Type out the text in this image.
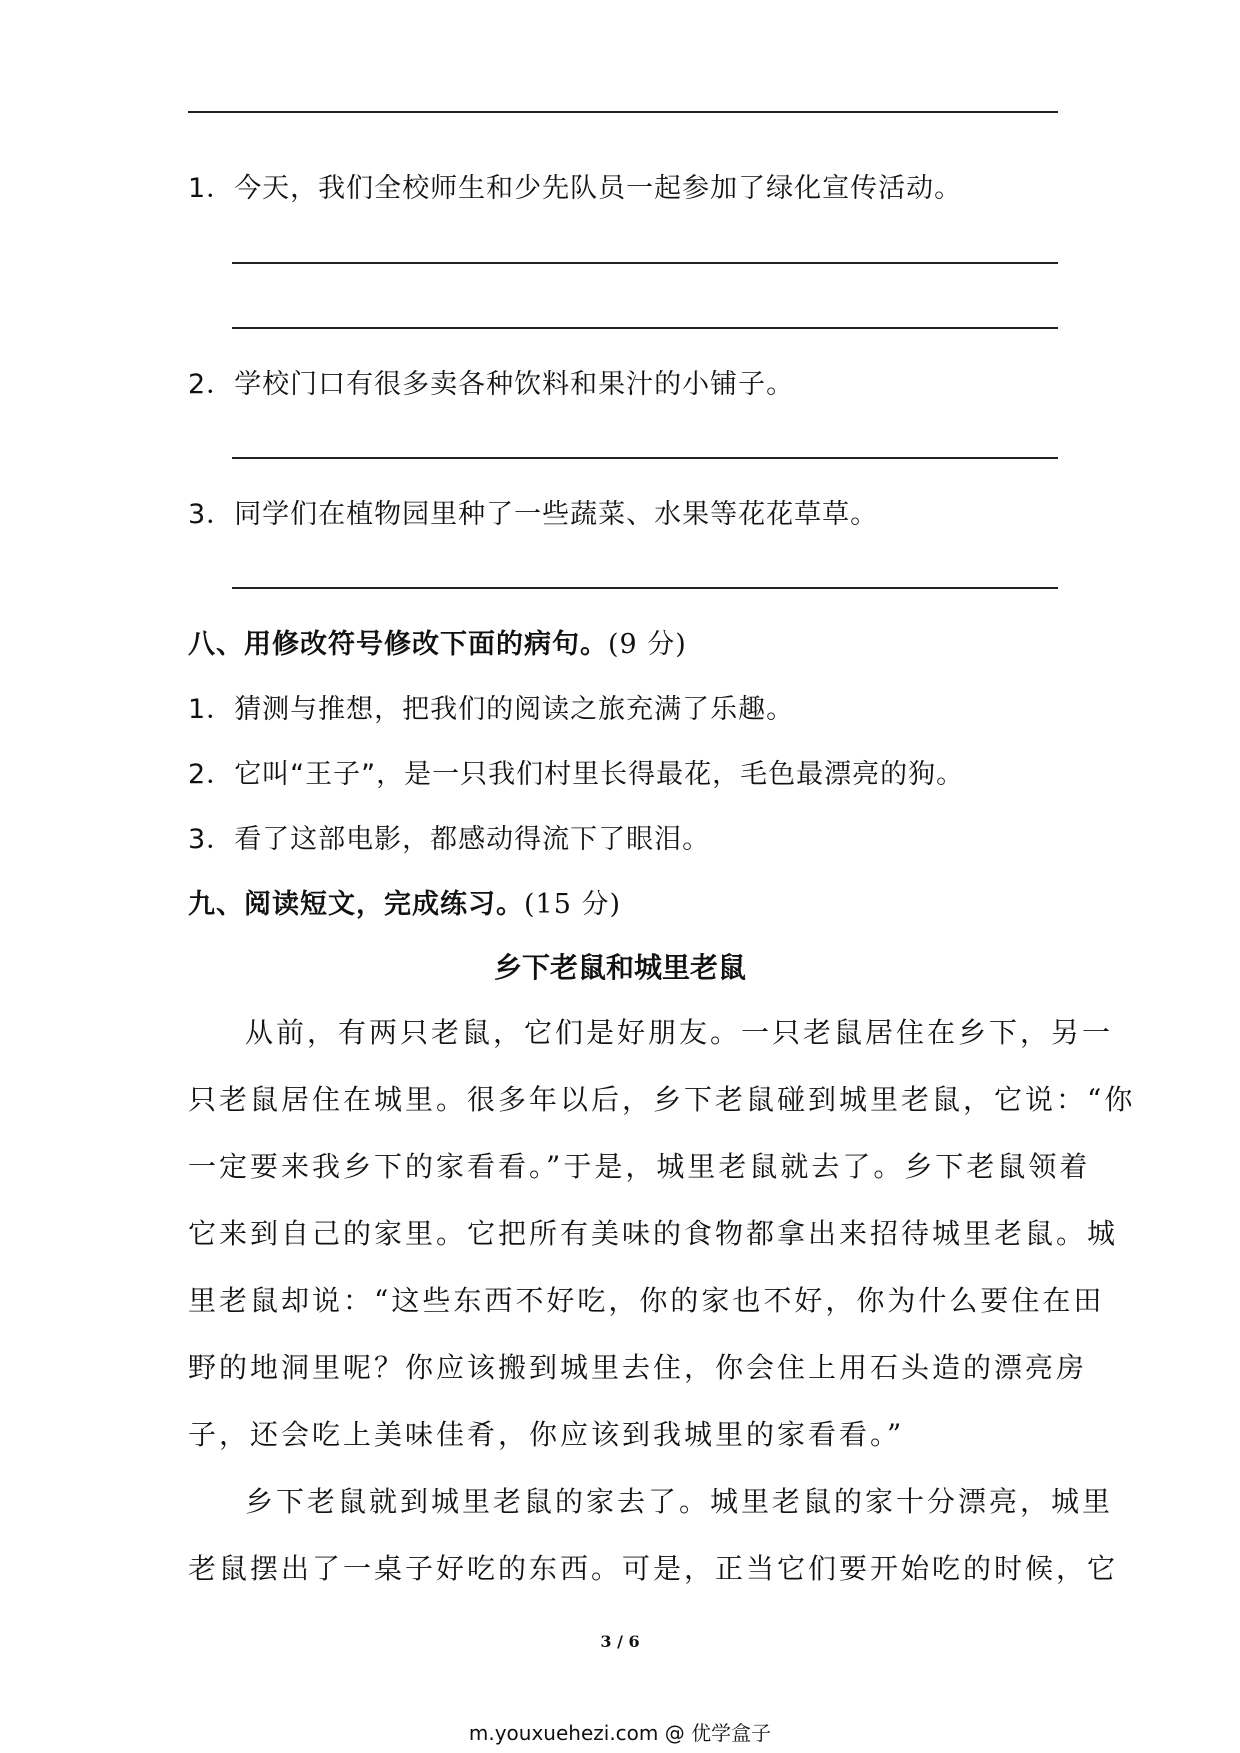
1．今天，我们全校师生和少先队员一起参加了绿化宣传活动。
2．学校门口有很多卖各种饮料和果汁的小铺子。
3．同学们在植物园里种了一些蔬菜、水果等花花草草。
八、用修改符号修改下面的病句。(9 分)
1．猜测与推想，把我们的阅读之旅充满了乐趣。
2．它叫“王子”，是一只我们村里长得最花，毛色最漂亮的狗。
3．看了这部电影，都感动得流下了眼泪。
九、阅读短文，完成练习。(15 分)
乡下老鼠和城里老鼠
从前，有两只老鼠，它们是好朋友。一只老鼠居住在乡下，另一
只老鼠居住在城里。很多年以后，乡下老鼠碰到城里老鼠，它说：“你
一定要来我乡下的家看看。”于是，城里老鼠就去了。乡下老鼠领着
它来到自己的家里。它把所有美味的食物都拿出来招待城里老鼠。城
里老鼠却说：“这些东西不好吃，你的家也不好，你为什么要住在田
野的地洞里呢？你应该搬到城里去住，你会住上用石头造的漂亮房
子，还会吃上美味佳肴，你应该到我城里的家看看。”
乡下老鼠就到城里老鼠的家去了。城里老鼠的家十分漂亮，城里
老鼠摆出了一桌子好吃的东西。可是，正当它们要开始吃的时候，它
3 / 6
m.youxuehezi.com @ 优学盒子
